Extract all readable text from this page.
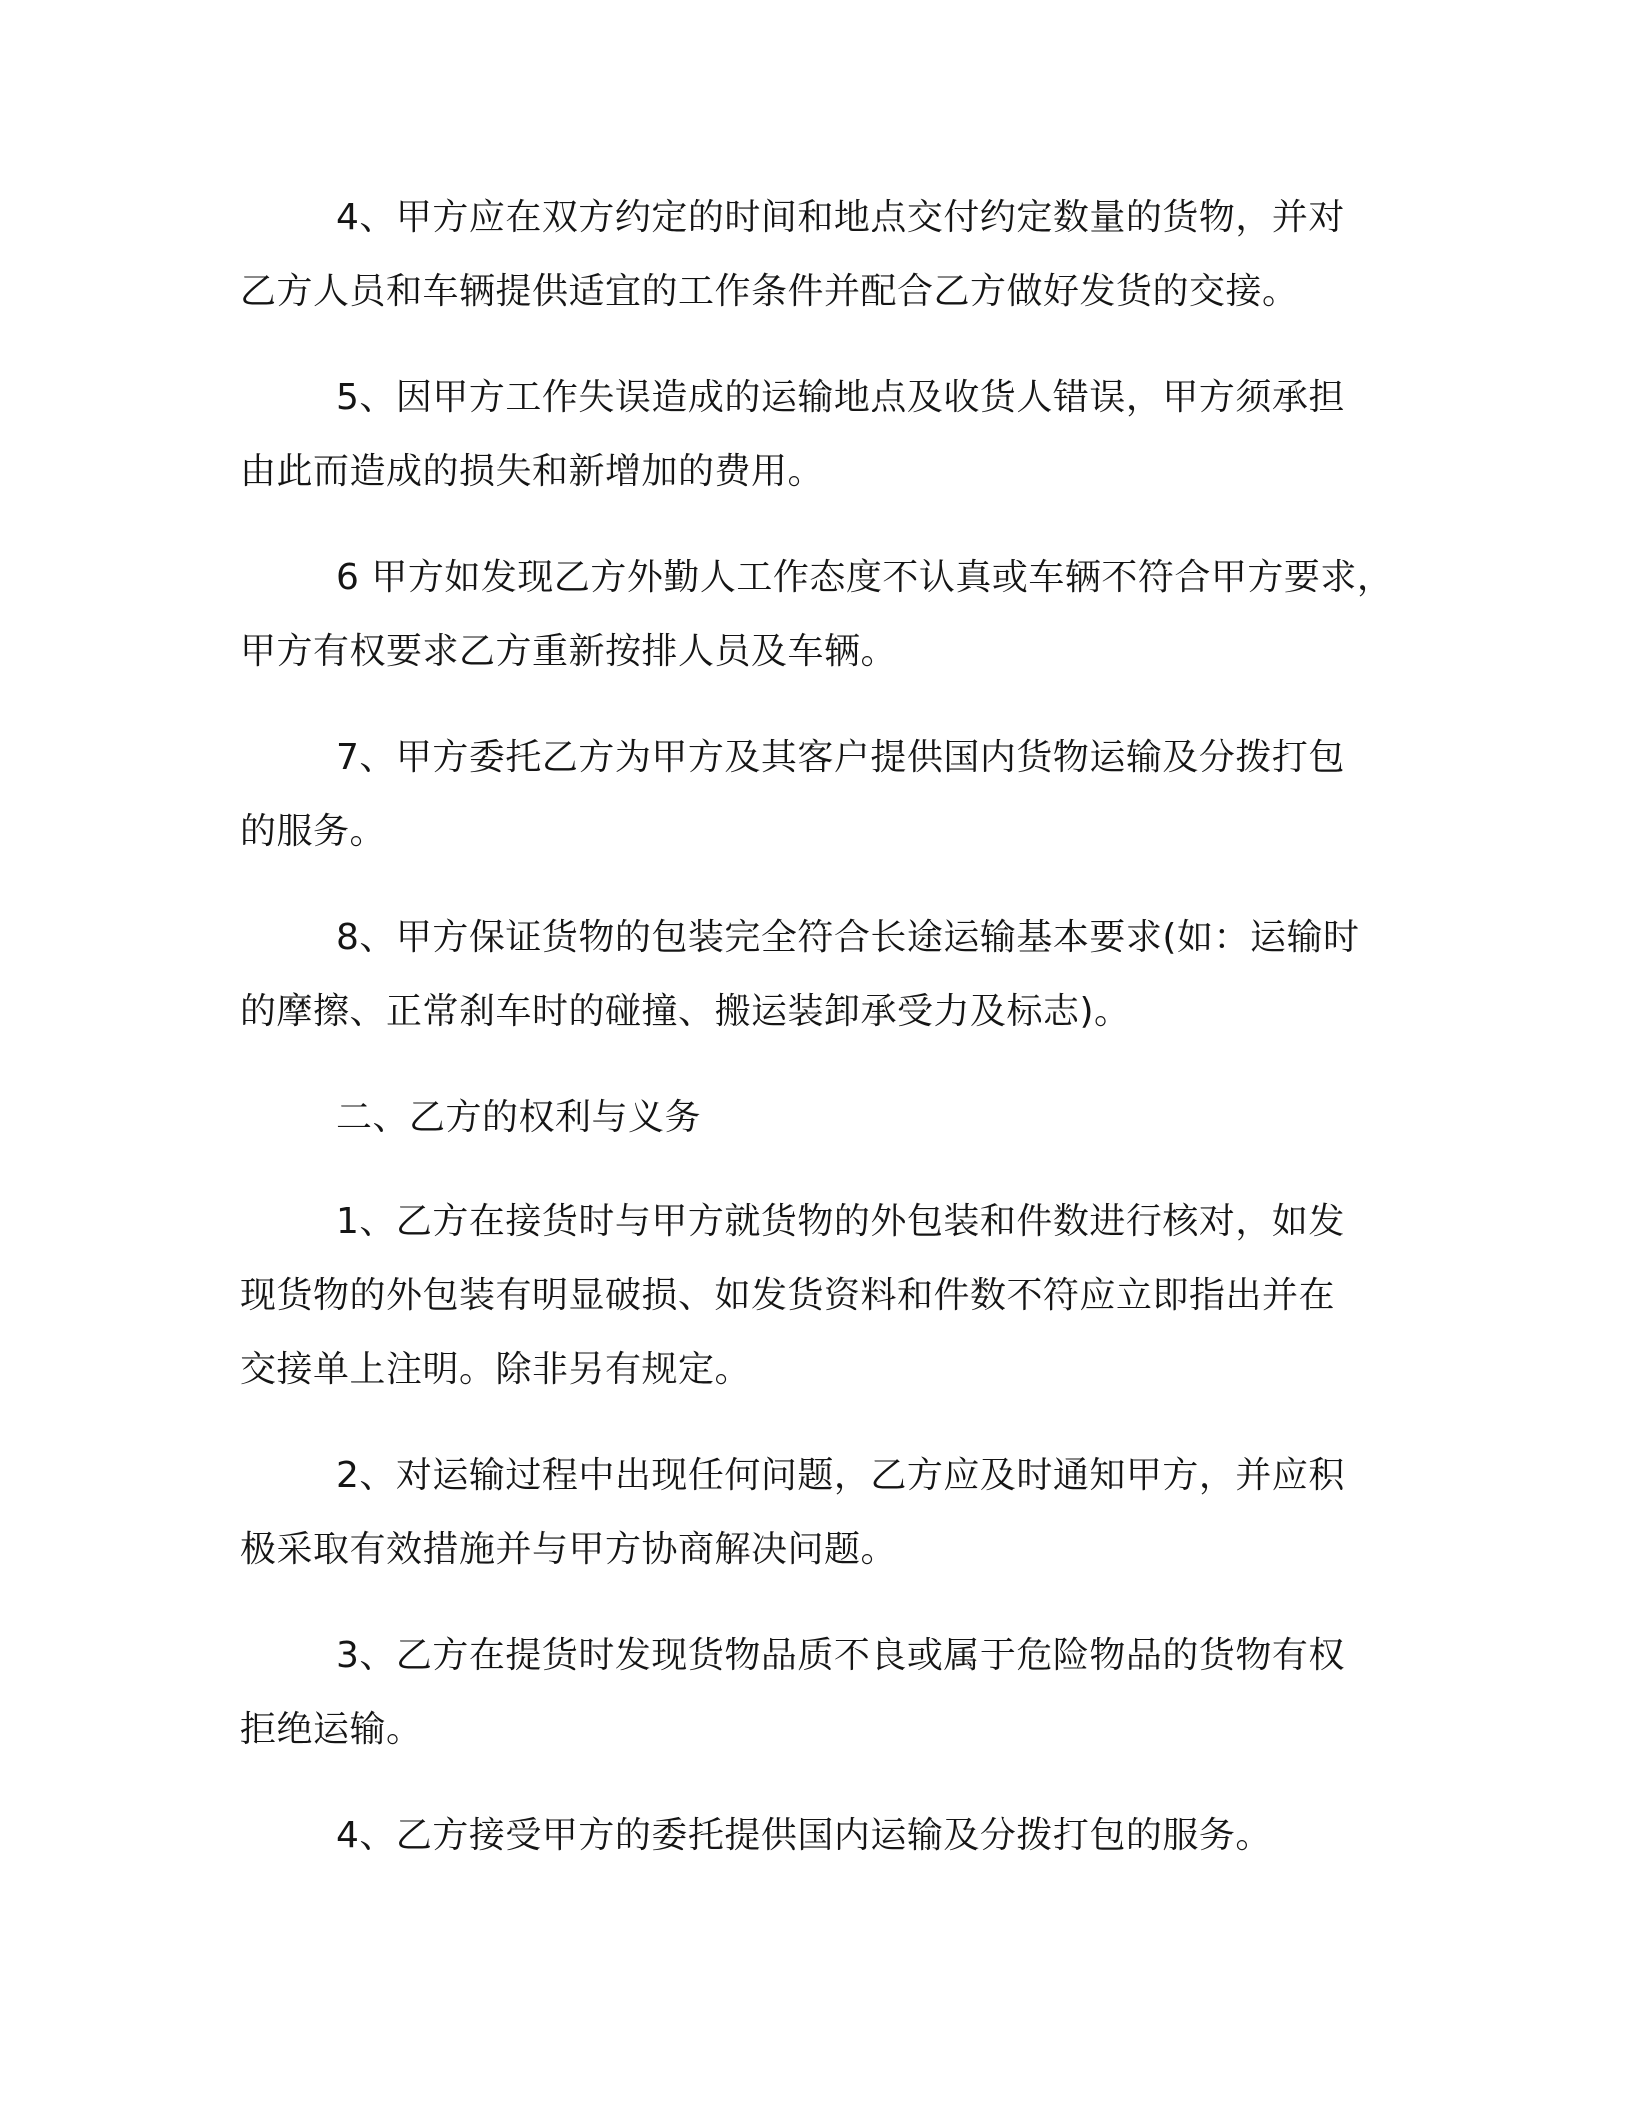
4、甲方应在双方约定的时间和地点交付约定数量的货物，并对
乙方人员和车辆提供适宜的工作条件并配合乙方做好发货的交接。
5、因甲方工作失误造成的运输地点及收货人错误，甲方须承担
由此而造成的损失和新增加的费用。
6 甲方如发现乙方外勤人工作态度不认真或车辆不符合甲方要求，
甲方有权要求乙方重新按排人员及车辆。
7、甲方委托乙方为甲方及其客户提供国内货物运输及分拨打包
的服务。
8、甲方保证货物的包装完全符合长途运输基本要求(如：运输时
的摩擦、正常刹车时的碰撞、搬运装卸承受力及标志)。
二、乙方的权利与义务
1、乙方在接货时与甲方就货物的外包装和件数进行核对，如发
现货物的外包装有明显破损、如发货资料和件数不符应立即指出并在
交接单上注明。除非另有规定。
2、对运输过程中出现任何问题，乙方应及时通知甲方，并应积
极采取有效措施并与甲方协商解决问题。
3、乙方在提货时发现货物品质不良或属于危险物品的货物有权
拒绝运输。
4、乙方接受甲方的委托提供国内运输及分拨打包的服务。
